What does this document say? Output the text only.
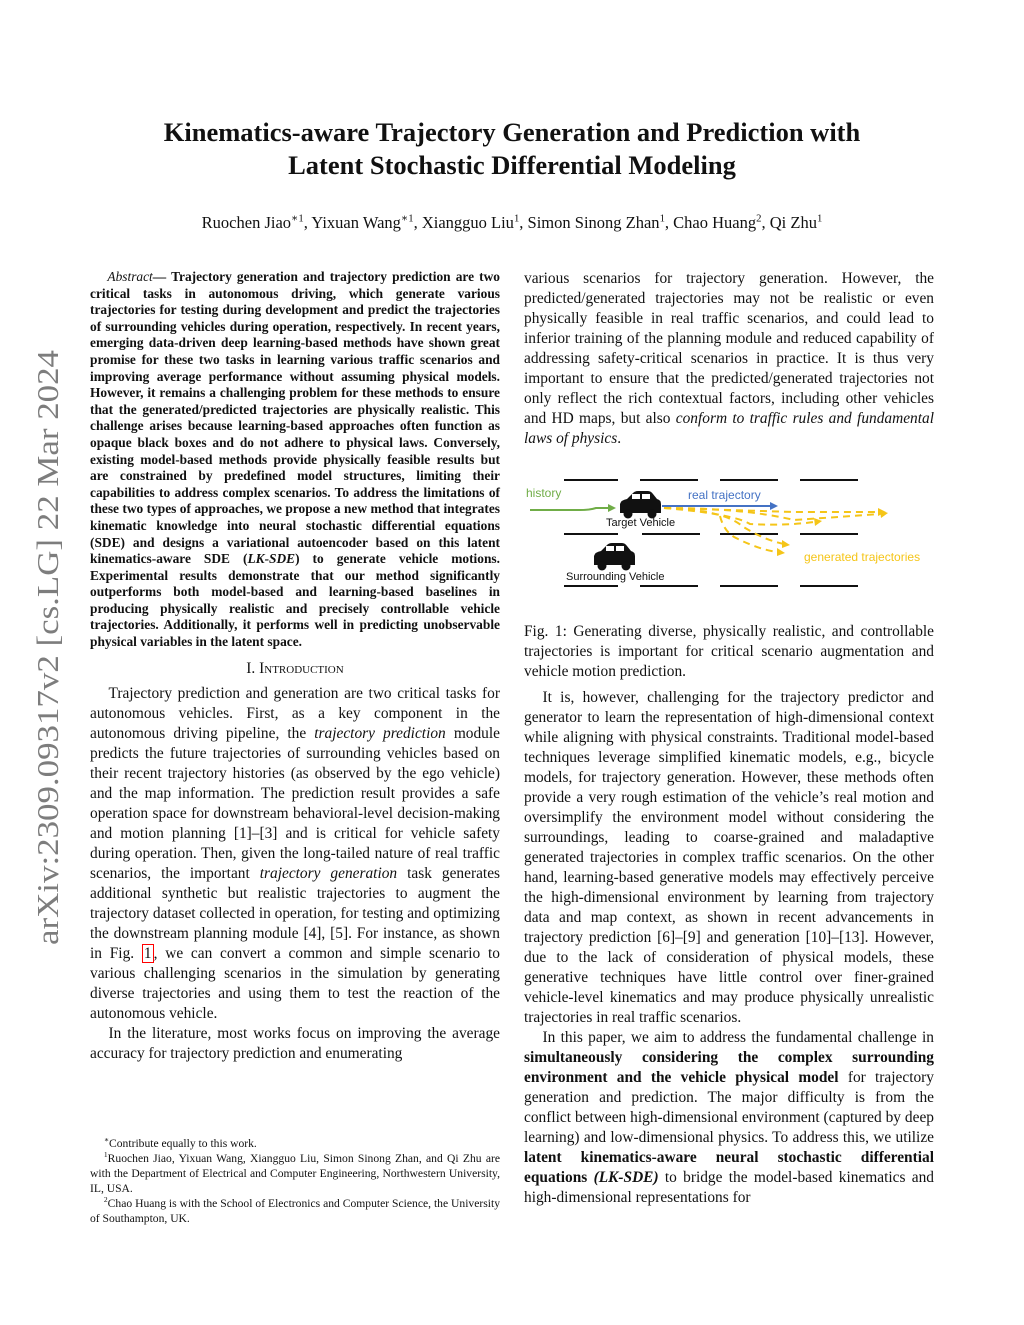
arXiv:2309.09317v2 [cs.LG] 22 Mar 2024
Kinematics-aware Trajectory Generation and Prediction with
Latent Stochastic Differential Modeling
Ruochen Jiao$^{∗1}$, Yixuan Wang$^{∗1}$, Xiangguo Liu$^1$, Simon Sinong Zhan$^1$, Chao Huang$^2$, Qi Zhu$^1$

Abstract— Trajectory generation and trajectory prediction are two critical tasks in autonomous driving, which generate various trajectories for testing during development and predict the trajectories of surrounding vehicles during operation, respectively. In recent years, emerging data-driven deep learning-based methods have shown great promise for these two tasks in learning various traffic scenarios and improving average performance without assuming physical models. However, it remains a challenging problem for these methods to ensure that the generated/predicted trajectories are physically realistic. This challenge arises because learning-based approaches often function as opaque black boxes and do not adhere to physical laws. Conversely, existing model-based methods provide physically feasible results but are constrained by predefined model structures, limiting their capabilities to address complex scenarios. To address the limitations of these two types of approaches, we propose a new method that integrates kinematic knowledge into neural stochastic differential equations (SDE) and designs a variational autoencoder based on this latent kinematics-aware SDE (LK-SDE) to generate vehicle motions. Experimental results demonstrate that our method significantly outperforms both model-based and learning-based baselines in producing physically realistic and precisely controllable vehicle trajectories. Additionally, it performs well in predicting unobservable physical variables in the latent space.

I. Introduction

Trajectory prediction and generation are two critical tasks for autonomous vehicles. First, as a key component in the autonomous driving pipeline, the trajectory prediction module predicts the future trajectories of surrounding vehicles based on their recent trajectory histories (as observed by the ego vehicle) and the map information. The prediction result provides a safe operation space for downstream behavioral-level decision-making and motion planning [1]–[3] and is critical for vehicle safety during operation. Then, given the long-tailed nature of real traffic scenarios, the important trajectory generation task generates additional synthetic but realistic trajectories to augment the trajectory dataset collected in operation, for testing and optimizing the downstream planning module [4], [5]. For instance, as shown in Fig. 1 , we can convert a common and simple scenario to various challenging scenarios in the simulation by generating diverse trajectories and using them to test the reaction of the autonomous vehicle.

In the literature, most works focus on improving the average accuracy for trajectory prediction and enumerating

∗Contribute equally to this work.

$^1$Ruochen Jiao, Yixuan Wang, Xiangguo Liu, Simon Sinong Zhan, and Qi Zhu are with the Department of Electrical and Computer Engineering, Northwestern University, IL, USA.

$^2$Chao Huang is with the School of Electronics and Computer Science, the University of Southampton, UK.

various scenarios for trajectory generation. However, the predicted/generated trajectories may not be realistic or even physically feasible in real traffic scenarios, and could lead to inferior training of the planning module and reduced capability of addressing safety-critical scenarios in practice. It is thus very important to ensure that the predicted/generated trajectories not only reflect the rich contextual factors, including other vehicles and HD maps, but also conform to traffic rules and fundamental laws of physics.

history
Target Vehicle
real trajectory
generated trajectories
Surrounding Vehicle

Fig. 1: Generating diverse, physically realistic, and controllable trajectories is important for critical scenario augmentation and vehicle motion prediction.

It is, however, challenging for the trajectory predictor and generator to learn the representation of high-dimensional context while aligning with physical constraints. Traditional model-based techniques leverage simplified kinematic models, e.g., bicycle models, for trajectory generation. However, these methods often provide a very rough estimation of the vehicle’s real motion and oversimplify the environment model without considering the surroundings, leading to coarse-grained and maladaptive generated trajectories in complex traffic scenarios. On the other hand, learning-based generative models may effectively perceive the high-dimensional environment by learning from trajectory data and map context, as shown in recent advancements in trajectory prediction [6]–[9] and generation [10]–[13]. However, due to the lack of consideration of physical models, these generative techniques have little control over finer-grained vehicle-level kinematics and may produce physically unrealistic trajectories in real traffic scenarios.

In this paper, we aim to address the fundamental challenge in simultaneously considering the complex surrounding environment and the vehicle physical model for trajectory generation and prediction. The major difficulty is from the conflict between high-dimensional environment (captured by deep learning) and low-dimensional physics. To address this, we utilize latent kinematics-aware neural stochastic differential equations (LK-SDE) to bridge the model-based kinematics and high-dimensional representations for
